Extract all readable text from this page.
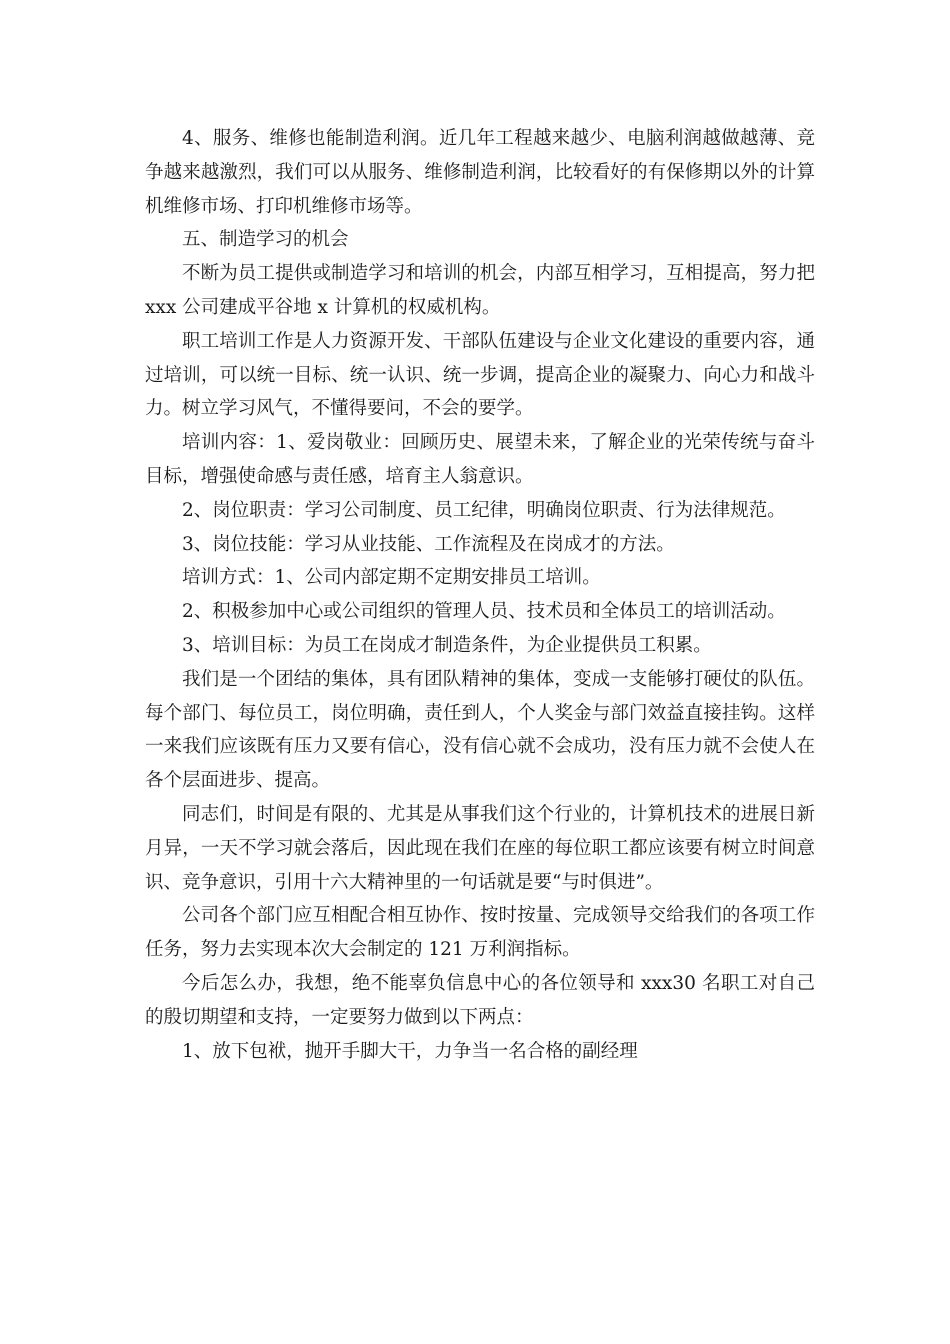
4、服务、维修也能制造利润。近几年工程越来越少、电脑利润越做越薄、竞争越来越激烈，我们可以从服务、维修制造利润，比较看好的有保修期以外的计算机维修市场、打印机维修市场等。

五、制造学习的机会

不断为员工提供或制造学习和培训的机会，内部互相学习，互相提高，努力把 xxx 公司建成平谷地 x 计算机的权威机构。

职工培训工作是人力资源开发、干部队伍建设与企业文化建设的重要内容，通过培训，可以统一目标、统一认识、统一步调，提高企业的凝聚力、向心力和战斗力。树立学习风气，不懂得要问，不会的要学。

培训内容：1、爱岗敬业：回顾历史、展望未来，了解企业的光荣传统与奋斗目标，增强使命感与责任感，培育主人翁意识。

2、岗位职责：学习公司制度、员工纪律，明确岗位职责、行为法律规范。

3、岗位技能：学习从业技能、工作流程及在岗成才的方法。

培训方式：1、公司内部定期不定期安排员工培训。

2、积极参加中心或公司组织的管理人员、技术员和全体员工的培训活动。

3、培训目标：为员工在岗成才制造条件，为企业提供员工积累。

我们是一个团结的集体，具有团队精神的集体，变成一支能够打硬仗的队伍。每个部门、每位员工，岗位明确，责任到人，个人奖金与部门效益直接挂钩。这样一来我们应该既有压力又要有信心，没有信心就不会成功，没有压力就不会使人在各个层面进步、提高。

同志们，时间是有限的、尤其是从事我们这个行业的，计算机技术的进展日新月异，一天不学习就会落后，因此现在我们在座的每位职工都应该要有树立时间意识、竞争意识，引用十六大精神里的一句话就是要“与时俱进”。

公司各个部门应互相配合相互协作、按时按量、完成领导交给我们的各项工作任务，努力去实现本次大会制定的 121 万利润指标。

今后怎么办，我想，绝不能辜负信息中心的各位领导和 xxx30 名职工对自己的殷切期望和支持，一定要努力做到以下两点：

1、放下包袱，抛开手脚大干，力争当一名合格的副经理
